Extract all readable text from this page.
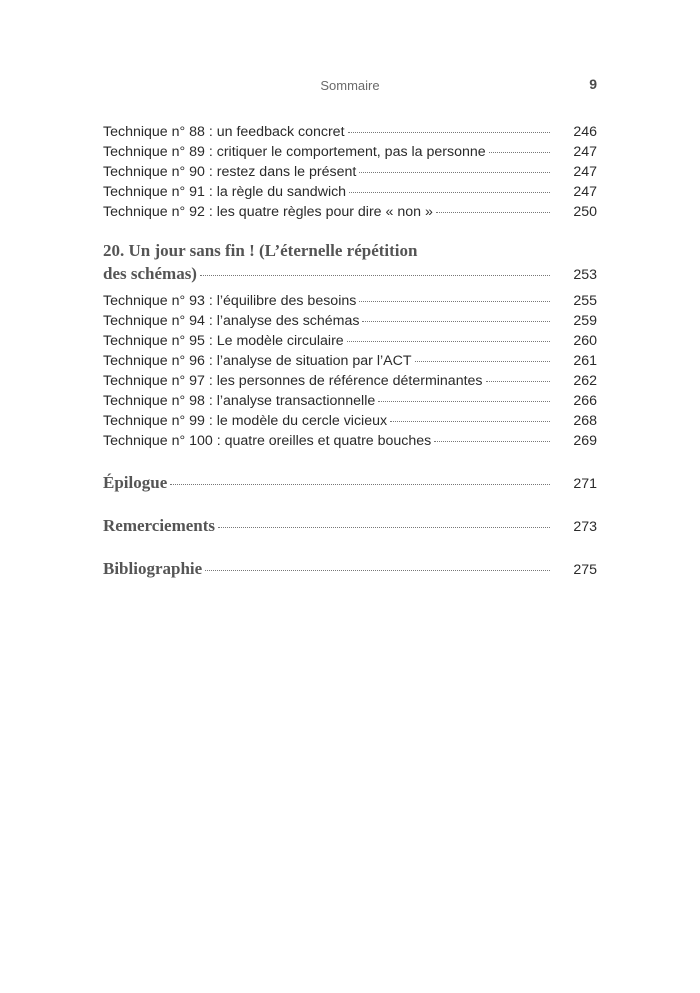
Sommaire	9
Technique n° 88 : un feedback concret	246
Technique n° 89 : critiquer le comportement, pas la personne	247
Technique n° 90 : restez dans le présent	247
Technique n° 91 : la règle du sandwich	247
Technique n° 92 : les quatre règles pour dire « non »	250
20. Un jour sans fin ! (L’éternelle répétition
des schémas)	253
Technique n° 93 : l’équilibre des besoins	255
Technique n° 94 : l’analyse des schémas	259
Technique n° 95 : Le modèle circulaire	260
Technique n° 96 : l’analyse de situation par l’ACT	261
Technique n° 97 : les personnes de référence déterminantes	262
Technique n° 98 : l’analyse transactionnelle	266
Technique n° 99 : le modèle du cercle vicieux	268
Technique n° 100 : quatre oreilles et quatre bouches	269
Épilogue	271
Remerciements	273
Bibliographie	275
